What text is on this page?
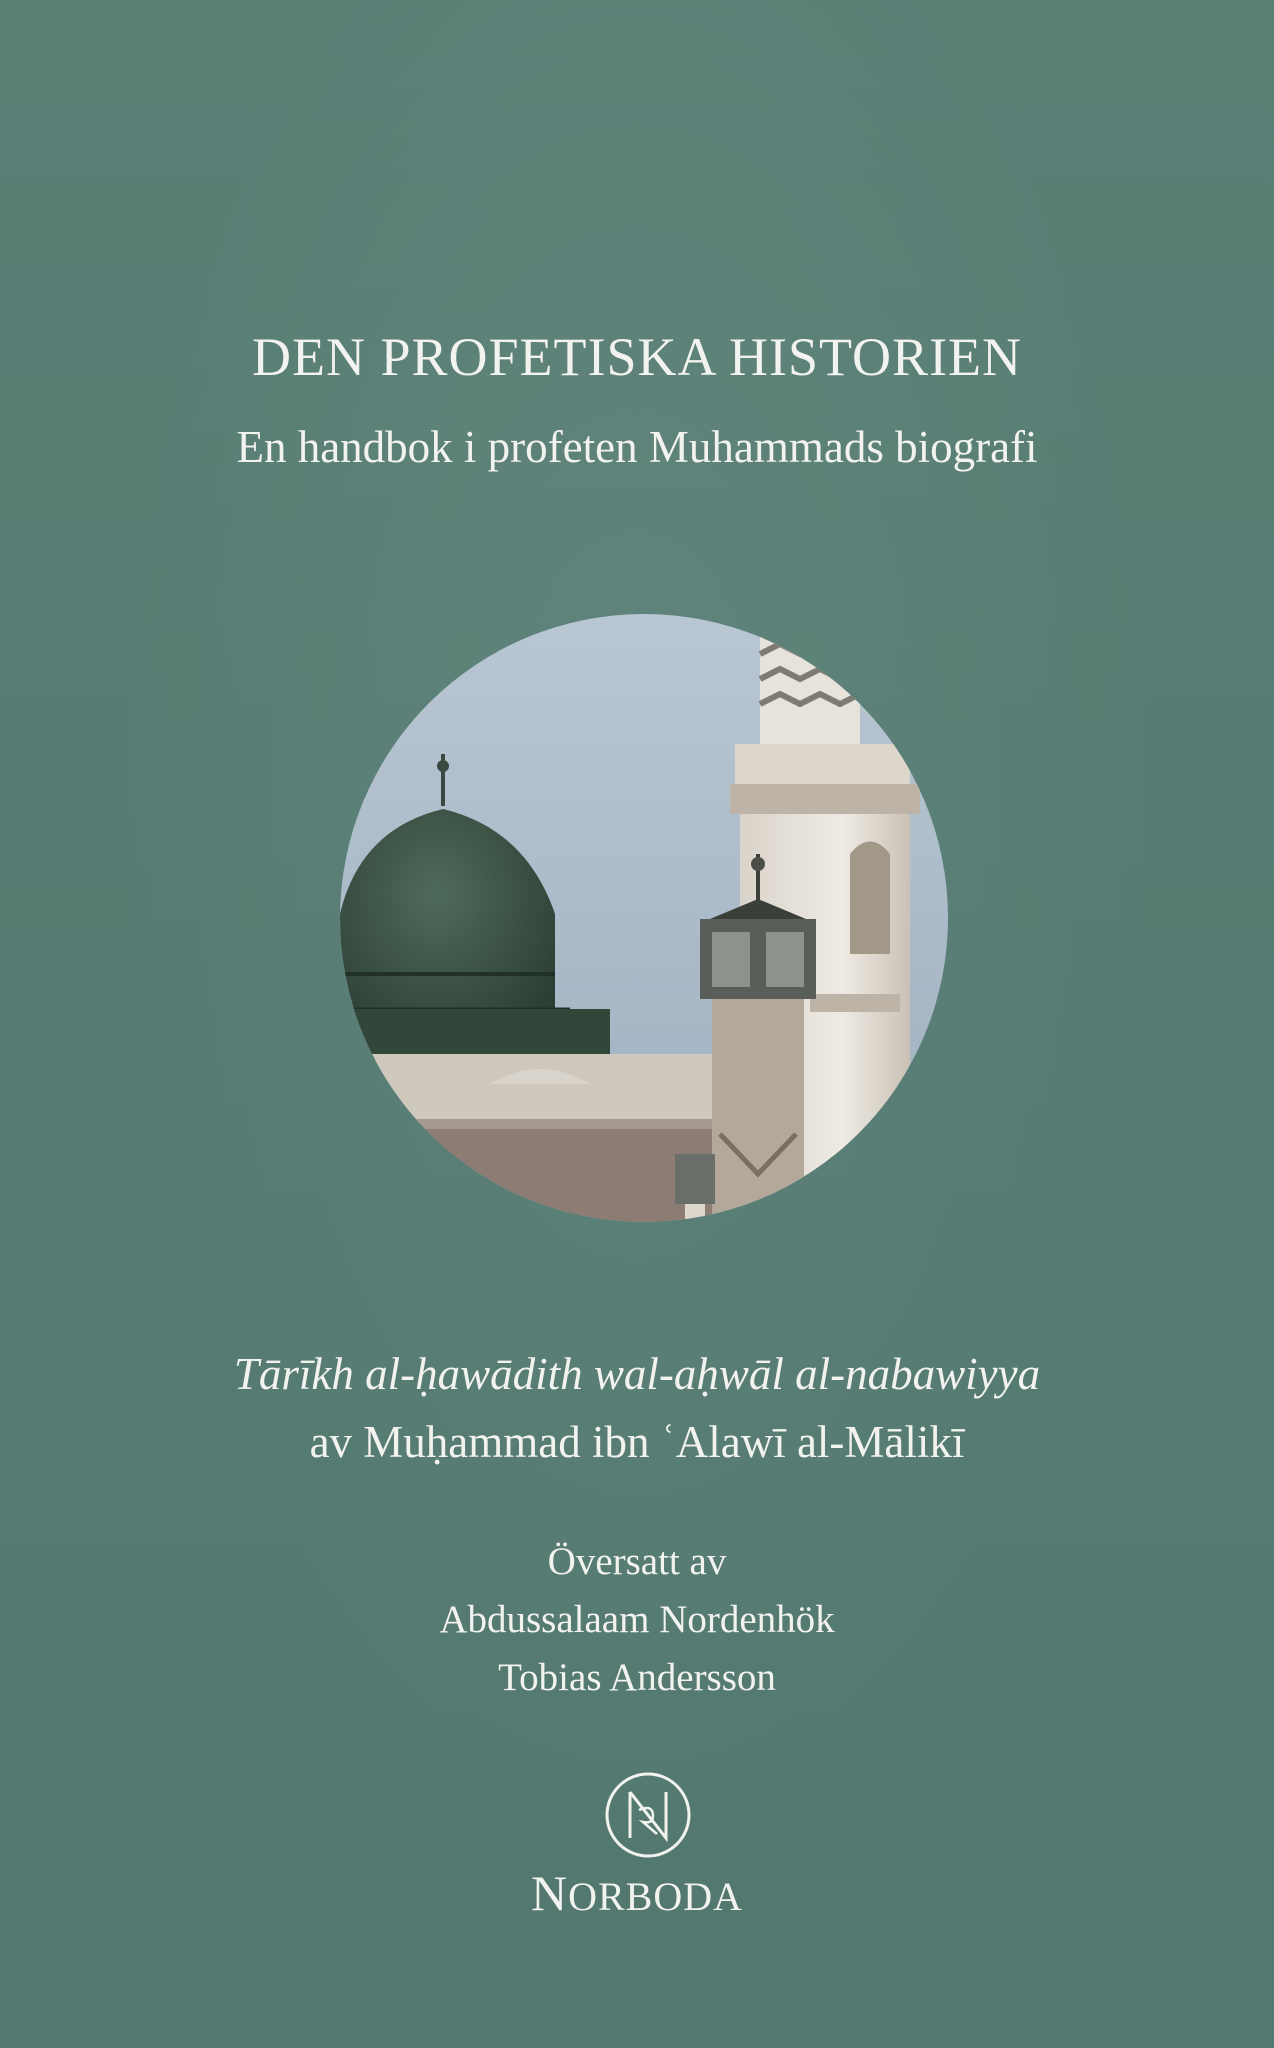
DEN PROFETISKA HISTORIEN
En handbok i profeten Muhammads biografi
Tārīkh al-ḥawādith wal-aḥwāl al-nabawiyya
av Muḥammad ibn ʿAlawī al-Mālikī
Översatt av
Abdussalaam Nordenhök
Tobias Andersson
NORBODA
